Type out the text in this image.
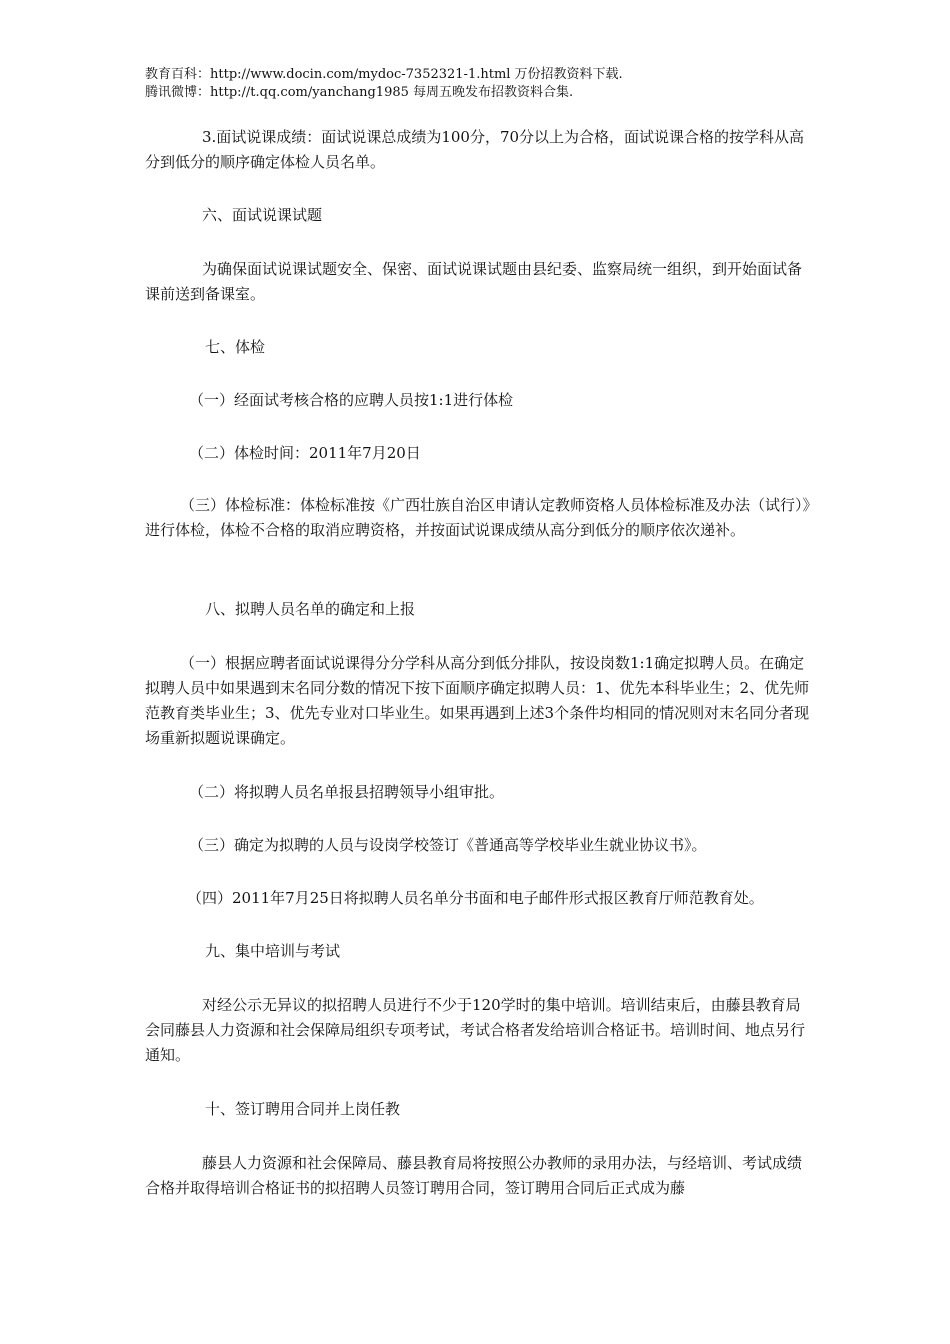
教育百科：http://www.docin.com/mydoc-7352321-1.html 万份招教资料下载.
腾讯微博：http://t.qq.com/yanchang1985 每周五晚发布招教资料合集.

3.面试说课成绩：面试说课总成绩为100分，70分以上为合格，面试说课合格的按学科从高分到低分的顺序确定体检人员名单。

六、面试说课试题

为确保面试说课试题安全、保密、面试说课试题由县纪委、监察局统一组织，到开始面试备课前送到备课室。

七、体检

（一）经面试考核合格的应聘人员按1:1进行体检

（二）体检时间：2011年7月20日

（三）体检标准：体检标准按《广西壮族自治区申请认定教师资格人员体检标准及办法（试行）》进行体检，体检不合格的取消应聘资格，并按面试说课成绩从高分到低分的顺序依次递补。

八、拟聘人员名单的确定和上报

（一）根据应聘者面试说课得分分学科从高分到低分排队，按设岗数1:1确定拟聘人员。在确定拟聘人员中如果遇到末名同分数的情况下按下面顺序确定拟聘人员：1、优先本科毕业生；2、优先师范教育类毕业生；3、优先专业对口毕业生。如果再遇到上述3个条件均相同的情况则对末名同分者现场重新拟题说课确定。

（二）将拟聘人员名单报县招聘领导小组审批。

（三）确定为拟聘的人员与设岗学校签订《普通高等学校毕业生就业协议书》。

（四）2011年7月25日将拟聘人员名单分书面和电子邮件形式报区教育厅师范教育处。

九、集中培训与考试

对经公示无异议的拟招聘人员进行不少于120学时的集中培训。培训结束后，由藤县教育局会同藤县人力资源和社会保障局组织专项考试，考试合格者发给培训合格证书。培训时间、地点另行通知。

十、签订聘用合同并上岗任教

藤县人力资源和社会保障局、藤县教育局将按照公办教师的录用办法，与经培训、考试成绩合格并取得培训合格证书的拟招聘人员签订聘用合同，签订聘用合同后正式成为藤
